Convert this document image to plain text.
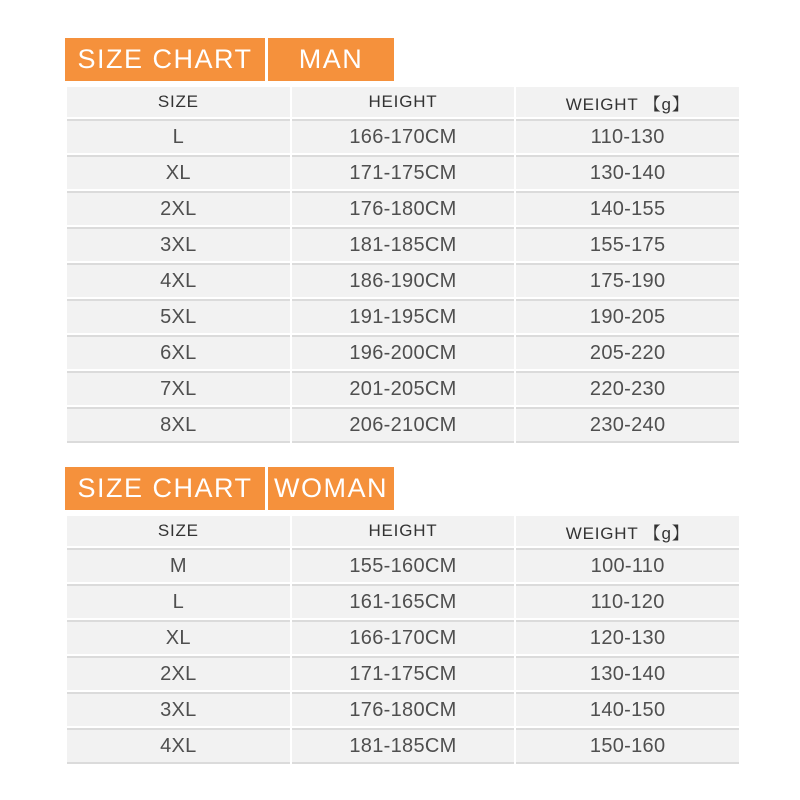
SIZE CHART	MAN
SIZE	HEIGHT	WEIGHT 【g】
L	166-170CM	110-130
XL	171-175CM	130-140
2XL	176-180CM	140-155
3XL	181-185CM	155-175
4XL	186-190CM	175-190
5XL	191-195CM	190-205
6XL	196-200CM	205-220
7XL	201-205CM	220-230
8XL	206-210CM	230-240
SIZE CHART WOMAN
SIZE	HEIGHT	WEIGHT 【g】
M	155-160CM	100-110
L	161-165CM	110-120
XL	166-170CM	120-130
2XL	171-175CM	130-140
3XL	176-180CM	140-150
4XL	181-185CM	150-160
